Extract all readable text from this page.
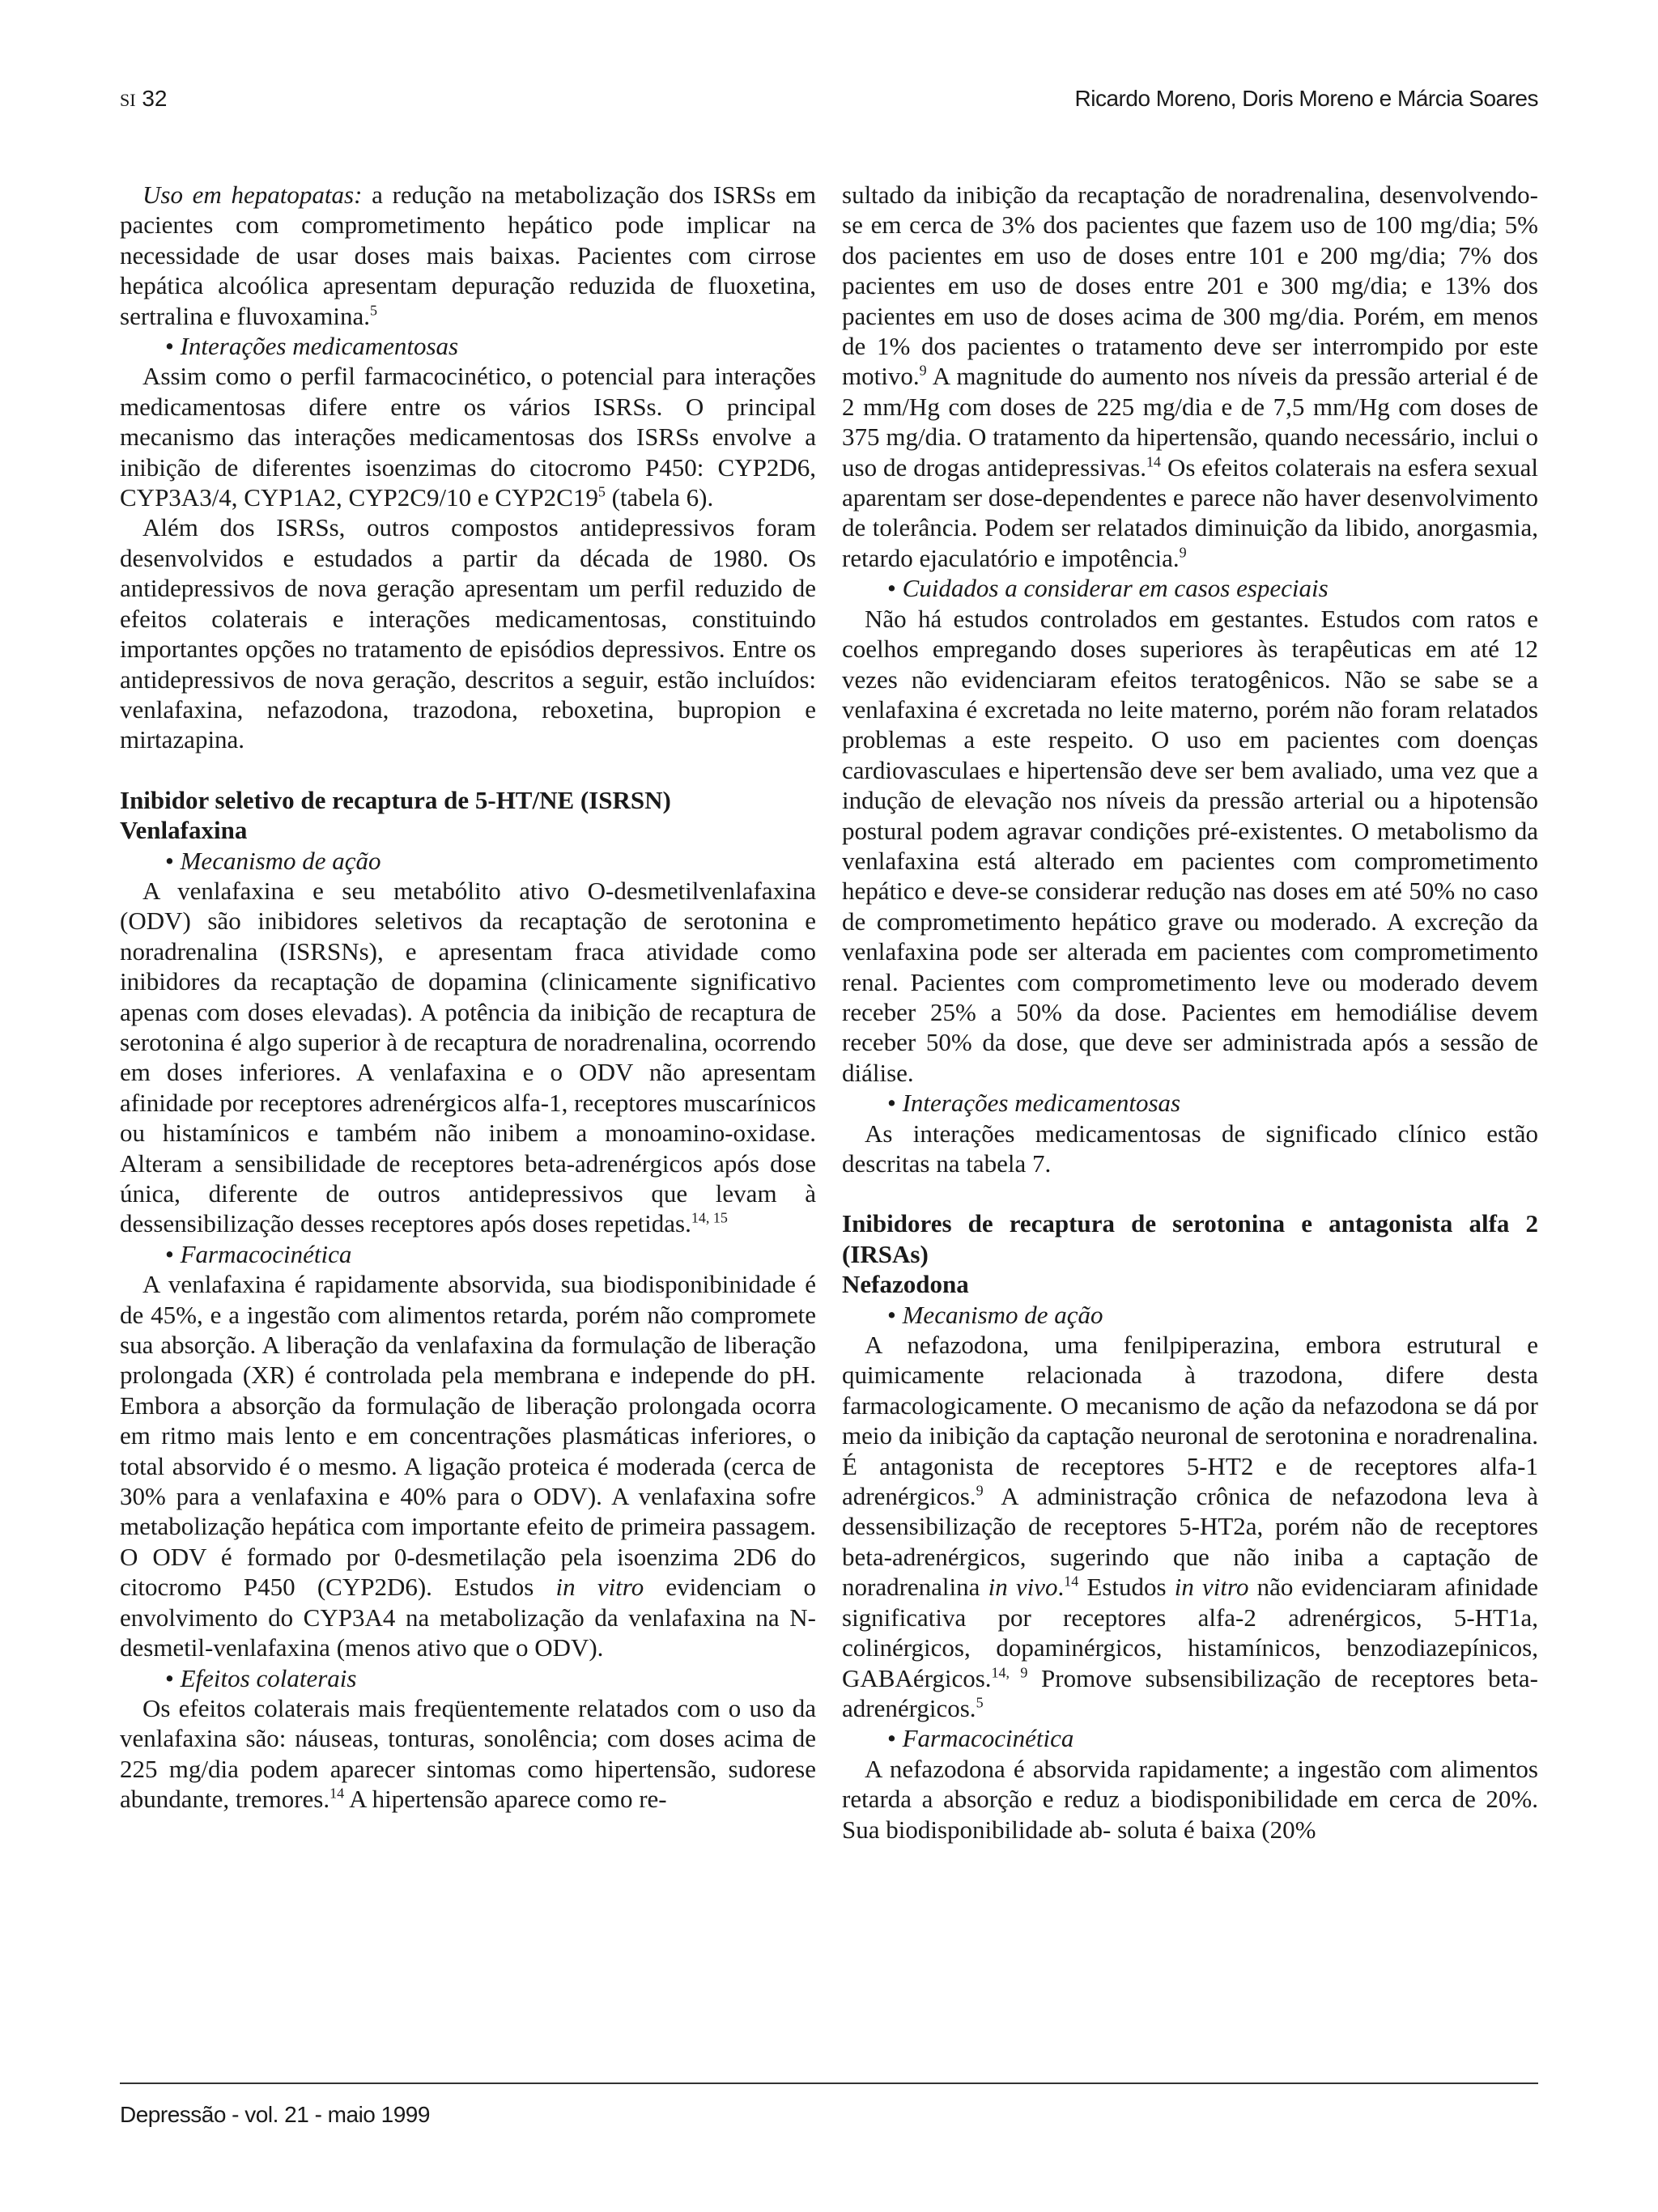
SI 32	Ricardo Moreno, Doris Moreno e Márcia Soares

Uso em hepatopatas: a redução na metabolização dos ISRSs em pacientes com comprometimento hepático pode implicar na necessidade de usar doses mais baixas. Pacientes com cirrose hepática alcoólica apresentam depuração reduzida de fluoxetina, sertralina e fluvoxamina.$^5$

• Interações medicamentosas

Assim como o perfil farmacocinético, o potencial para interações medicamentosas difere entre os vários ISRSs. O principal mecanismo das interações medicamentosas dos ISRSs envolve a inibição de diferentes isoenzimas do citocromo P450: CYP2D6, CYP3A3/4, CYP1A2, CYP2C9/10 e $CYP2C19^5$ (tabela 6).

Além dos ISRSs, outros compostos antidepressivos foram desenvolvidos e estudados a partir da década de 1980. Os antidepressivos de nova geração apresentam um perfil reduzido de efeitos colaterais e interações medicamentosas, constituindo importantes opções no tratamento de episódios depressivos. Entre os antidepressivos de nova geração, descritos a seguir, estão incluídos: venlafaxina, nefazodona, trazodona, reboxetina, bupropion e mirtazapina.

Inibidor seletivo de recaptura de 5-HT/NE (ISRSN)

Venlafaxina

• Mecanismo de ação

A venlafaxina e seu metabólito ativo O-desmetilvenlafaxina (ODV) são inibidores seletivos da recaptação de serotonina e noradrenalina (ISRSNs), e apresentam fraca atividade como inibidores da recaptação de dopamina (clinicamente significativo apenas com doses elevadas). A potência da inibição de recaptura de serotonina é algo superior à de recaptura de noradrenalina, ocorrendo em doses inferiores. A venlafaxina e o ODV não apresentam afinidade por receptores adrenérgicos alfa-1, receptores muscarínicos ou histamínicos e também não inibem a monoamino-oxidase. Alteram a sensibilidade de receptores beta-adrenérgicos após dose única, diferente de outros antidepressivos que levam à dessensibilização desses receptores após doses repetidas.$^{14, 15}$

• Farmacocinética

A venlafaxina é rapidamente absorvida, sua biodisponibinidade é de 45%, e a ingestão com alimentos retarda, porém não compromete sua absorção. A liberação da venlafaxina da formulação de liberação prolongada (XR) é controlada pela membrana e independe do pH. Embora a absorção da formulação de liberação prolongada ocorra em ritmo mais lento e em concentrações plasmáticas inferiores, o total absorvido é o mesmo. A ligação proteica é moderada (cerca de 30% para a venlafaxina e 40% para o ODV). A venlafaxina sofre metabolização hepática com importante efeito de primeira passagem. O ODV é formado por 0-desmetilação pela isoenzima 2D6 do citocromo P450 (CYP2D6). Estudos in vitro evidenciam o envolvimento do CYP3A4 na metabolização da venlafaxina na N-desmetil-venlafaxina (menos ativo que o ODV).

• Efeitos colaterais

Os efeitos colaterais mais freqüentemente relatados com o uso da venlafaxina são: náuseas, tonturas, sonolência; com doses acima de 225 mg/dia podem aparecer sintomas como hipertensão, sudorese abundante, tremores.$^{14}$ A hipertensão aparece como re-

sultado da inibição da recaptação de noradrenalina, desenvolvendo-se em cerca de 3% dos pacientes que fazem uso de 100 mg/dia; 5% dos pacientes em uso de doses entre 101 e 200 mg/dia; 7% dos pacientes em uso de doses entre 201 e 300 mg/dia; e 13% dos pacientes em uso de doses acima de 300 mg/dia. Porém, em menos de 1% dos pacientes o tratamento deve ser interrompido por este motivo.$^9$ A magnitude do aumento nos níveis da pressão arterial é de 2 mm/Hg com doses de 225 mg/dia e de 7,5 mm/Hg com doses de 375 mg/dia. O tratamento da hipertensão, quando necessário, inclui o uso de drogas antidepressivas.$^{14}$ Os efeitos colaterais na esfera sexual aparentam ser dose-dependentes e parece não haver desenvolvimento de tolerância. Podem ser relatados diminuição da libido, anorgasmia, retardo ejaculatório e impotência.$^9$

• Cuidados a considerar em casos especiais

Não há estudos controlados em gestantes. Estudos com ratos e coelhos empregando doses superiores às terapêuticas em até 12 vezes não evidenciaram efeitos teratogênicos. Não se sabe se a venlafaxina é excretada no leite materno, porém não foram relatados problemas a este respeito. O uso em pacientes com doenças cardiovasculaes e hipertensão deve ser bem avaliado, uma vez que a indução de elevação nos níveis da pressão arterial ou a hipotensão postural podem agravar condições pré-existentes. O metabolismo da venlafaxina está alterado em pacientes com comprometimento hepático e deve-se considerar redução nas doses em até 50% no caso de comprometimento hepático grave ou moderado. A excreção da venlafaxina pode ser alterada em pacientes com comprometimento renal. Pacientes com comprometimento leve ou moderado devem receber 25% a 50% da dose. Pacientes em hemodiálise devem receber 50% da dose, que deve ser administrada após a sessão de diálise.

• Interações medicamentosas

As interações medicamentosas de significado clínico estão descritas na tabela 7.

Inibidores de recaptura de serotonina e antagonista alfa 2 (IRSAs)

Nefazodona

• Mecanismo de ação

A nefazodona, uma fenilpiperazina, embora estrutural e quimicamente relacionada à trazodona, difere desta farmacologicamente. O mecanismo de ação da nefazodona se dá por meio da inibição da captação neuronal de serotonina e noradrenalina. É antagonista de receptores 5-HT2 e de receptores alfa-1 adrenérgicos.$^9$ A administração crônica de nefazodona leva à dessensibilização de receptores 5-HT2a, porém não de receptores beta-adrenérgicos, sugerindo que não iniba a captação de noradrenalina in vivo.$^{14}$ Estudos in vitro não evidenciaram afinidade significativa por receptores alfa-2 adrenérgicos, 5-HT1a, colinérgicos, dopaminérgicos, histamínicos, benzodiazepínicos, GABAérgicos.$^{14, 9}$ Promove subsensibilização de receptores beta-adrenérgicos.$^5$

• Farmacocinética

A nefazodona é absorvida rapidamente; a ingestão com alimentos retarda a absorção e reduz a biodisponibilidade em cerca de 20%. Sua biodisponibilidade ab- soluta é baixa (20%

Depressão - vol. 21 - maio 1999
